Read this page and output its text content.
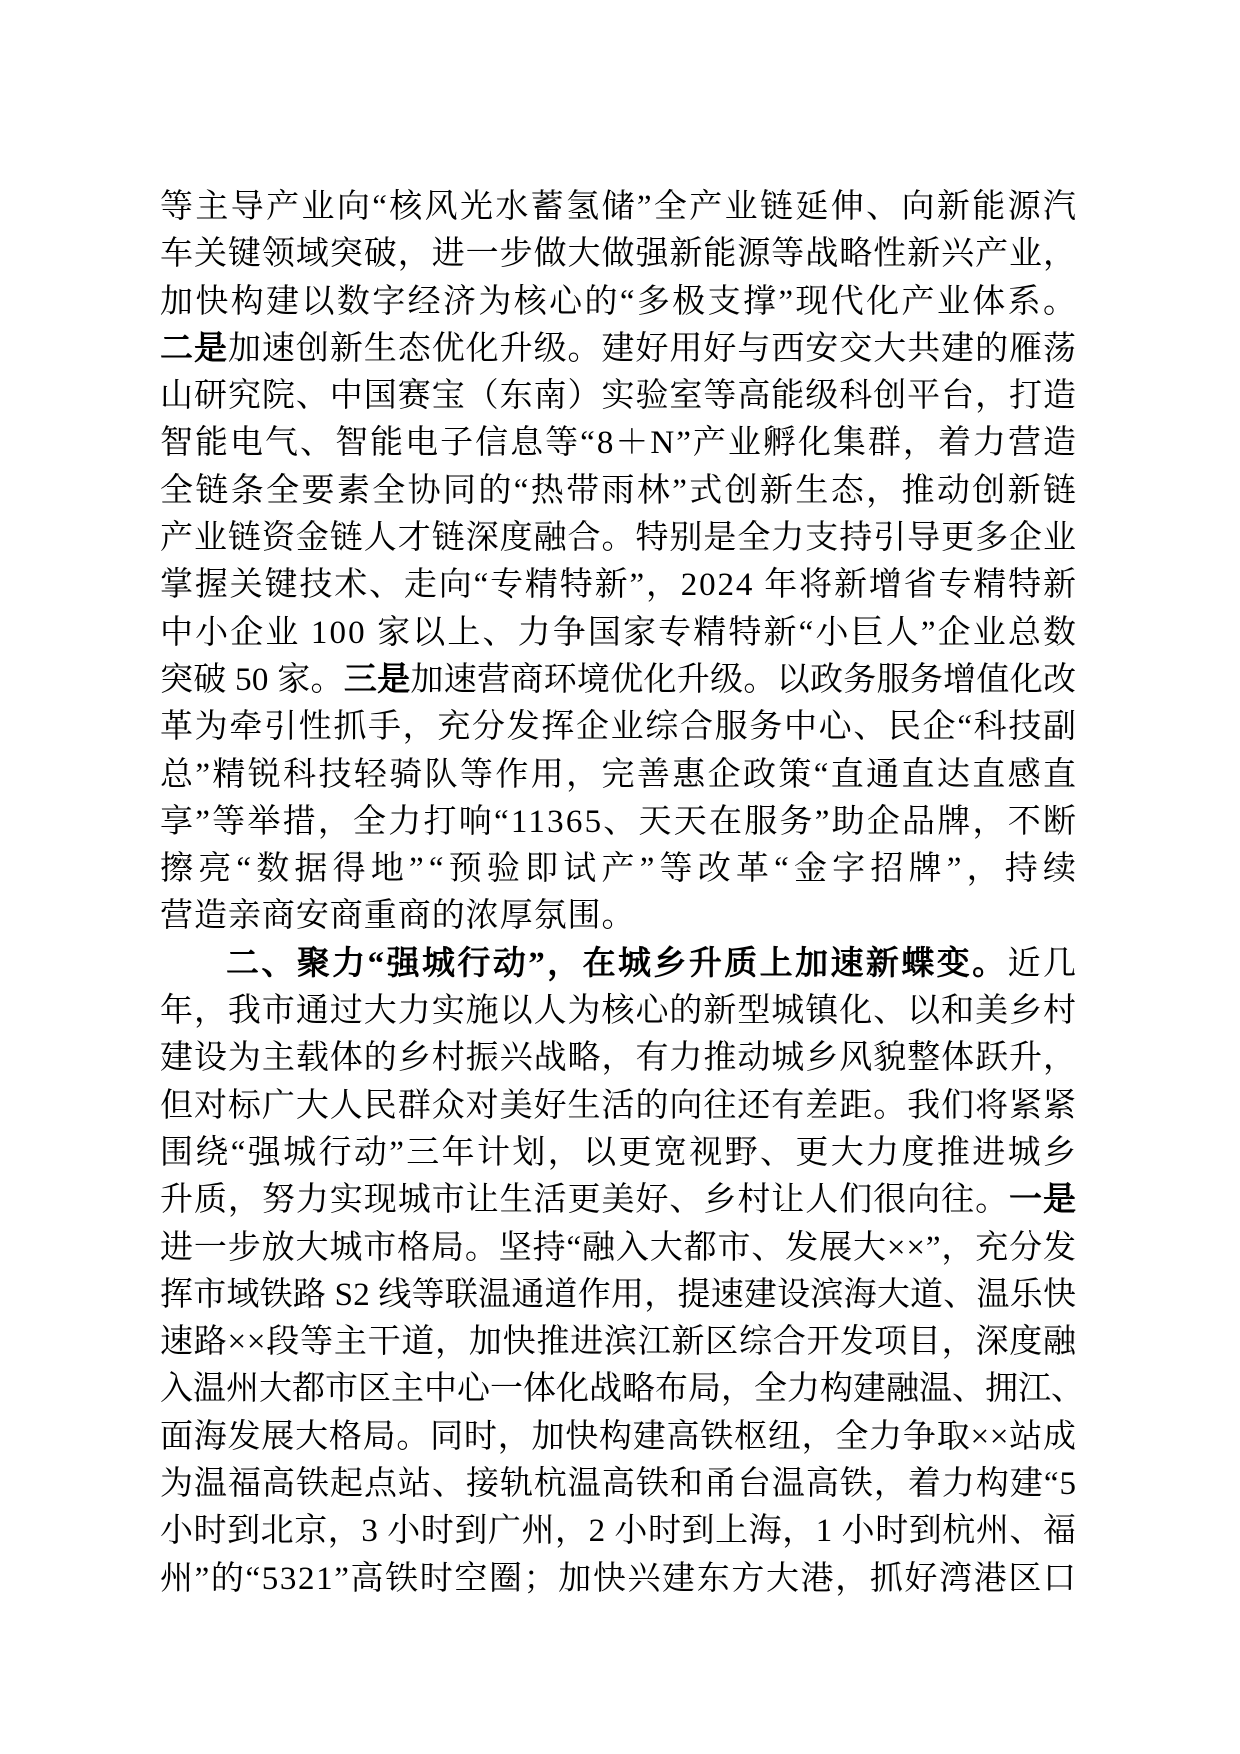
等主导产业向“核风光水蓄氢储”全产业链延伸、向新能源汽
车关键领域突破，进一步做大做强新能源等战略性新兴产业，
加快构建以数字经济为核心的“多极支撑”现代化产业体系。
二是加速创新生态优化升级。建好用好与西安交大共建的雁荡
山研究院、中国赛宝（东南）实验室等高能级科创平台，打造
智能电气、智能电子信息等“8＋N”产业孵化集群，着力营造
全链条全要素全协同的“热带雨林”式创新生态，推动创新链
产业链资金链人才链深度融合。特别是全力支持引导更多企业
掌握关键技术、走向“专精特新”，2024 年将新增省专精特新
中小企业 100 家以上、力争国家专精特新“小巨人”企业总数
突破 50 家。三是加速营商环境优化升级。以政务服务增值化改
革为牵引性抓手，充分发挥企业综合服务中心、民企“科技副
总”精锐科技轻骑队等作用，完善惠企政策“直通直达直感直
享”等举措，全力打响“11365、天天在服务”助企品牌，不断
擦亮“数据得地”“预验即试产”等改革“金字招牌”，持续
营造亲商安商重商的浓厚氛围。
二、聚力“强城行动”，在城乡升质上加速新蝶变。近几
年，我市通过大力实施以人为核心的新型城镇化、以和美乡村
建设为主载体的乡村振兴战略，有力推动城乡风貌整体跃升，
但对标广大人民群众对美好生活的向往还有差距。我们将紧紧
围绕“强城行动”三年计划，以更宽视野、更大力度推进城乡
升质，努力实现城市让生活更美好、乡村让人们很向往。一是
进一步放大城市格局。坚持“融入大都市、发展大××”，充分发
挥市域铁路 S2 线等联温通道作用，提速建设滨海大道、温乐快
速路××段等主干道，加快推进滨江新区综合开发项目，深度融
入温州大都市区主中心一体化战略布局，全力构建融温、拥江、
面海发展大格局。同时，加快构建高铁枢纽，全力争取××站成
为温福高铁起点站、接轨杭温高铁和甬台温高铁，着力构建“5
小时到北京，3 小时到广州，2 小时到上海，1 小时到杭州、福
州”的“5321”高铁时空圈；加快兴建东方大港，抓好湾港区口
